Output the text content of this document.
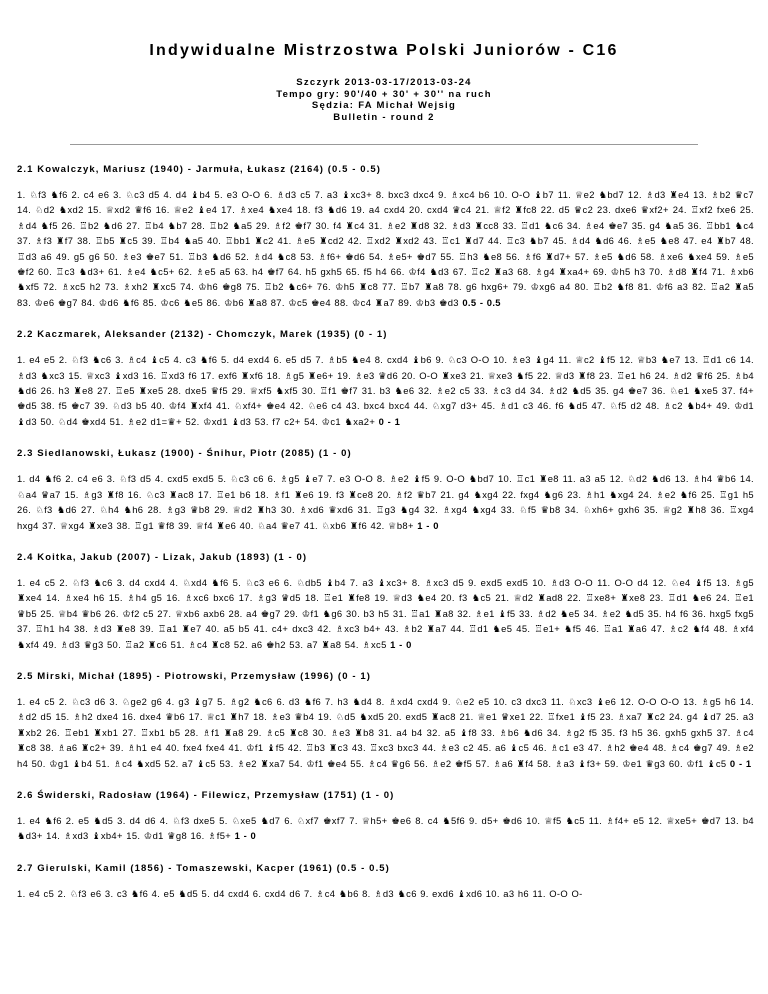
Indywidualne Mistrzostwa Polski Juniorów - C16
Szczyrk 2013-03-17/2013-03-24
Tempo gry: 90'/40 + 30' + 30'' na ruch
Sędzia: FA Michał Wejsig
Bulletin - round 2
2.1 Kowalczyk, Mariusz (1940) - Jarmuła, Łukasz (2164) (0.5 - 0.5)

1. ♘f3 ♞f6 2. c4 e6 3. ♘c3 d5 4. d4 ♝b4 5. e3 O-O 6. ♗d3 c5 7. a3 ♝xc3+ 8. bxc3 dxc4 9. ♗xc4 b6 10. O-O ♝b7 11. ♕e2 ♞bd7 12. ♗d3 ♜e4 13. ♗b2 ♛c7 14. ♘d2 ♞xd2 15. ♕xd2 ♛f6 16. ♕e2 ♝e4 17. ♗xe4 ♞xe4 18. f3 ♞d6 19. a4 cxd4 20. cxd4 ♛c4 21. ♕f2 ♜fc8 22. d5 ♛c2 23. dxe6 ♛xf2+ 24. ♖xf2 fxe6 25. ♗d4 ♞f5 26. ♖b2 ♞d6 27. ♖b4 ♞b7 28. ♖b2 ♞a5 29. ♗f2 ♚f7 30. f4 ♜c4 31. ♗e2 ♜d8 32. ♗d3 ♜cc8 33. ♖d1 ♞c6 34. ♗e4 ♚e7 35. g4 ♞a5 36. ♖bb1 ♞c4 37. ♗f3 ♜f7 38. ♖b5 ♜c5 39. ♖b4 ♞a5 40. ♖bb1 ♜c2 41. ♗e5 ♜cd2 42. ♖xd2 ♜xd2 43. ♖c1 ♜d7 44. ♖c3 ♞b7 45. ♗d4 ♞d6 46. ♗e5 ♞e8 47. e4 ♜b7 48. ♖d3 a6 49. g5 g6 50. ♗e3 ♚e7 51. ♖b3 ♞d6 52. ♗d4 ♞c8 53. ♗f6+ ♚d6 54. ♗e5+ ♚d7 55. ♖h3 ♞e8 56. ♗f6 ♜d7+ 57. ♗e5 ♞d6 58. ♗xe6 ♞xe4 59. ♗e5 ♚f2 60. ♖c3 ♞d3+ 61. ♗e4 ♞c5+ 62. ♗e5 a5 63. h4 ♚f7 64. h5 gxh5 65. f5 h4 66. ♔f4 ♞d3 67. ♖c2 ♜a3 68. ♗g4 ♜xa4+ 69. ♔h5 h3 70. ♗d8 ♜f4 71. ♗xb6 ♞xf5 72. ♗xc5 h2 73. ♗xh2 ♜xc5 74. ♔h6 ♚g8 75. ♖b2 ♞c6+ 76. ♔h5 ♜c8 77. ♖b7 ♜a8 78. g6 hxg6+ 79. ♔xg6 a4 80. ♖b2 ♞f8 81. ♔f6 a3 82. ♖a2 ♜a5 83. ♔e6 ♚g7 84. ♔d6 ♞f6 85. ♔c6 ♞e5 86. ♔b6 ♜a8 87. ♔c5 ♚e4 88. ♔c4 ♜a7 89. ♔b3 ♚d3 0.5 - 0.5

2.2 Kaczmarek, Aleksander (2132) - Chomczyk, Marek (1935) (0 - 1)

1. e4 e5 2. ♘f3 ♞c6 3. ♗c4 ♝c5 4. c3 ♞f6 5. d4 exd4 6. e5 d5 7. ♗b5 ♞e4 8. cxd4 ♝b6 9. ♘c3 O-O 10. ♗e3 ♝g4 11. ♕c2 ♝f5 12. ♕b3 ♞e7 13. ♖d1 c6 14. ♗d3 ♞xc3 15. ♕xc3 ♝xd3 16. ♖xd3 f6 17. exf6 ♜xf6 18. ♗g5 ♜e6+ 19. ♗e3 ♛d6 20. O-O ♜xe3 21. ♕xe3 ♞f5 22. ♕d3 ♜f8 23. ♖e1 h6 24. ♗d2 ♛f6 25. ♗b4 ♞d6 26. h3 ♜e8 27. ♖e5 ♜xe5 28. dxe5 ♛f5 29. ♕xf5 ♞xf5 30. ♖f1 ♚f7 31. b3 ♞e6 32. ♗e2 c5 33. ♗c3 d4 34. ♗d2 ♞d5 35. g4 ♚e7 36. ♘e1 ♞xe5 37. f4+ ♚d5 38. f5 ♚c7 39. ♘d3 b5 40. ♔f4 ♜xf4 41. ♘xf4+ ♚e4 42. ♘e6 c4 43. bxc4 bxc4 44. ♘xg7 d3+ 45. ♗d1 c3 46. f6 ♞d5 47. ♘f5 d2 48. ♗c2 ♞b4+ 49. ♔d1 ♝d3 50. ♘d4 ♚xd4 51. ♗e2 d1=♛+ 52. ♔xd1 ♝d3 53. f7 c2+ 54. ♔c1 ♞xa2+ 0 - 1

2.3 Siedlanowski, Łukasz (1900) - Śnihur, Piotr (2085) (1 - 0)

1. d4 ♞f6 2. c4 e6 3. ♘f3 d5 4. cxd5 exd5 5. ♘c3 c6 6. ♗g5 ♝e7 7. e3 O-O 8. ♗e2 ♝f5 9. O-O ♞bd7 10. ♖c1 ♜e8 11. a3 a5 12. ♘d2 ♞d6 13. ♗h4 ♛b6 14. ♘a4 ♛a7 15. ♗g3 ♜f8 16. ♘c3 ♜ac8 17. ♖e1 b6 18. ♗f1 ♜e6 19. f3 ♜ce8 20. ♗f2 ♛b7 21. g4 ♞xg4 22. fxg4 ♞g6 23. ♗h1 ♞xg4 24. ♗e2 ♞f6 25. ♖g1 h5 26. ♘f3 ♞d6 27. ♘h4 ♞h6 28. ♗g3 ♛b8 29. ♕d2 ♜h3 30. ♗xd6 ♛xd6 31. ♖g3 ♞g4 32. ♗xg4 ♞xg4 33. ♘f5 ♛b8 34. ♘xh6+ gxh6 35. ♕g2 ♜h8 36. ♖xg4 hxg4 37. ♕xg4 ♜xe3 38. ♖g1 ♛f8 39. ♕f4 ♜e6 40. ♘a4 ♛e7 41. ♘xb6 ♜f6 42. ♕b8+ 1 - 0

2.4 Koitka, Jakub (2007) - Lizak, Jakub (1893) (1 - 0)

1. e4 c5 2. ♘f3 ♞c6 3. d4 cxd4 4. ♘xd4 ♞f6 5. ♘c3 e6 6. ♘db5 ♝b4 7. a3 ♝xc3+ 8. ♗xc3 d5 9. exd5 exd5 10. ♗d3 O-O 11. O-O d4 12. ♘e4 ♝f5 13. ♗g5 ♜xe4 14. ♗xe4 h6 15. ♗h4 g5 16. ♗xc6 bxc6 17. ♗g3 ♛d5 18. ♖e1 ♜fe8 19. ♕d3 ♞e4 20. f3 ♞c5 21. ♕d2 ♜ad8 22. ♖xe8+ ♜xe8 23. ♖d1 ♞e6 24. ♖e1 ♛b5 25. ♕b4 ♛b6 26. ♔f2 c5 27. ♕xb6 axb6 28. a4 ♚g7 29. ♔f1 ♞g6 30. b3 h5 31. ♖a1 ♜a8 32. ♗e1 ♝f5 33. ♗d2 ♞e5 34. ♗e2 ♞d5 35. h4 f6 36. hxg5 fxg5 37. ♖h1 h4 38. ♗d3 ♜e8 39. ♖a1 ♜e7 40. a5 b5 41. c4+ dxc3 42. ♗xc3 b4+ 43. ♗b2 ♜a7 44. ♖d1 ♞e5 45. ♖e1+ ♞f5 46. ♖a1 ♜a6 47. ♗c2 ♞f4 48. ♗xf4 ♞xf4 49. ♗d3 ♛g3 50. ♖a2 ♜c6 51. ♗c4 ♜c8 52. a6 ♚h2 53. a7 ♜a8 54. ♗xc5 1 - 0

2.5 Mirski, Michał (1895) - Piotrowski, Przemysław (1996) (0 - 1)

1. e4 c5 2. ♘c3 d6 3. ♘ge2 g6 4. g3 ♝g7 5. ♗g2 ♞c6 6. d3 ♞f6 7. h3 ♞d4 8. ♗xd4 cxd4 9. ♘e2 e5 10. c3 dxc3 11. ♘xc3 ♝e6 12. O-O O-O 13. ♗g5 h6 14. ♗d2 d5 15. ♗h2 dxe4 16. dxe4 ♛b6 17. ♕c1 ♜h7 18. ♗e3 ♛b4 19. ♘d5 ♞xd5 20. exd5 ♜ac8 21. ♕e1 ♛xe1 22. ♖fxe1 ♝f5 23. ♗xa7 ♜c2 24. g4 ♝d7 25. a3 ♜xb2 26. ♖eb1 ♜xb1 27. ♖xb1 b5 28. ♗f1 ♜a8 29. ♗c5 ♜c8 30. ♗e3 ♜b8 31. a4 b4 32. a5 ♝f8 33. ♗b6 ♞d6 34. ♗g2 f5 35. f3 h5 36. gxh5 gxh5 37. ♗c4 ♜c8 38. ♗a6 ♜c2+ 39. ♗h1 e4 40. fxe4 fxe4 41. ♔f1 ♝f5 42. ♖b3 ♜c3 43. ♖xc3 bxc3 44. ♗e3 c2 45. a6 ♝c5 46. ♗c1 e3 47. ♗h2 ♚e4 48. ♗c4 ♚g7 49. ♗e2 h4 50. ♔g1 ♝b4 51. ♗c4 ♞xd5 52. a7 ♝c5 53. ♗e2 ♜xa7 54. ♔f1 ♚e4 55. ♗c4 ♛g6 56. ♗e2 ♚f5 57. ♗a6 ♜f4 58. ♗a3 ♝f3+ 59. ♔e1 ♛g3 60. ♔f1 ♝c5 0 - 1

2.6 Świderski, Radosław (1964) - Filewicz, Przemysław (1751) (1 - 0)

1. e4 ♞f6 2. e5 ♞d5 3. d4 d6 4. ♘f3 dxe5 5. ♘xe5 ♞d7 6. ♘xf7 ♚xf7 7. ♕h5+ ♚e6 8. c4 ♞5f6 9. d5+ ♚d6 10. ♕f5 ♞c5 11. ♗f4+ e5 12. ♕xe5+ ♚d7 13. b4 ♞d3+ 14. ♗xd3 ♝xb4+ 15. ♔d1 ♛g8 16. ♗f5+ 1 - 0

2.7 Gierulski, Kamil (1856) - Tomaszewski, Kacper (1961) (0.5 - 0.5)

1. e4 c5 2. ♘f3 e6 3. c3 ♞f6 4. e5 ♞d5 5. d4 cxd4 6. cxd4 d6 7. ♗c4 ♞b6 8. ♗d3 ♞c6 9. exd6 ♝xd6 10. a3 h6 11. O-O O-
